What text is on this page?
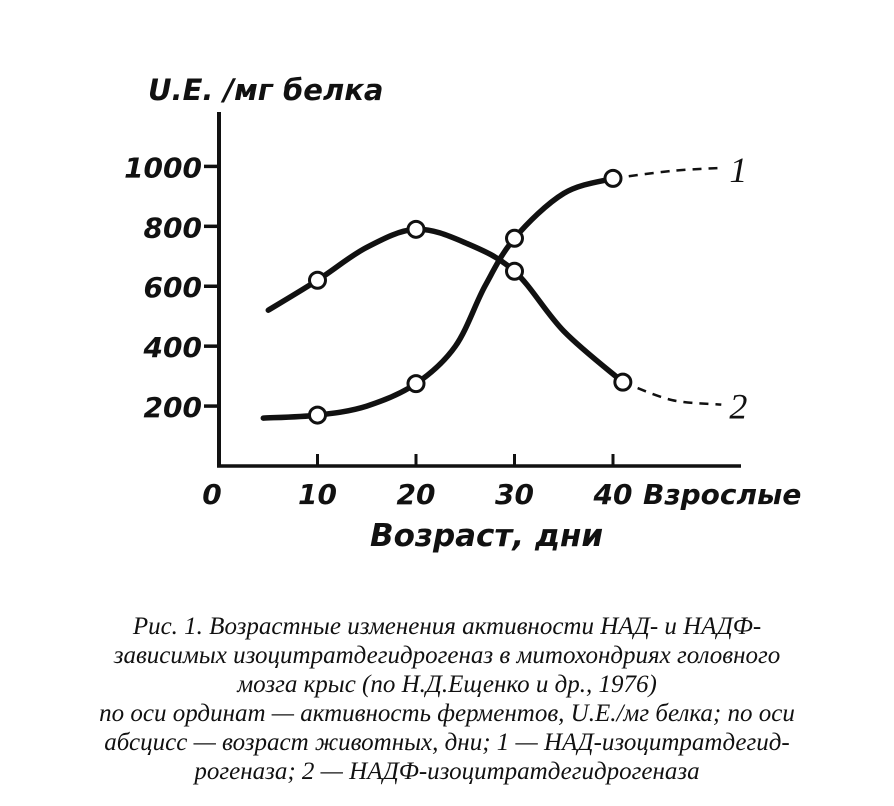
U.E. /мг белка
200
400
600
800
1000
0	10 20 30 40 Взрослые
Возраст, дни
1
2
Рис. 1. Возрастные изменения активности НАД- и НАДФ-
зависимых изоцитратдегидрогеназ в митохондриях головного
мозга крыс (по Н.Д.Ещенко и др., 1976)
по оси ординат — активность ферментов, U.E./мг белка; по оси
абсцисс — возраст животных, дни; 1 — НАД-изоцитратдегид-
рогеназа; 2 — НАДФ-изоцитратдегидрогеназа
